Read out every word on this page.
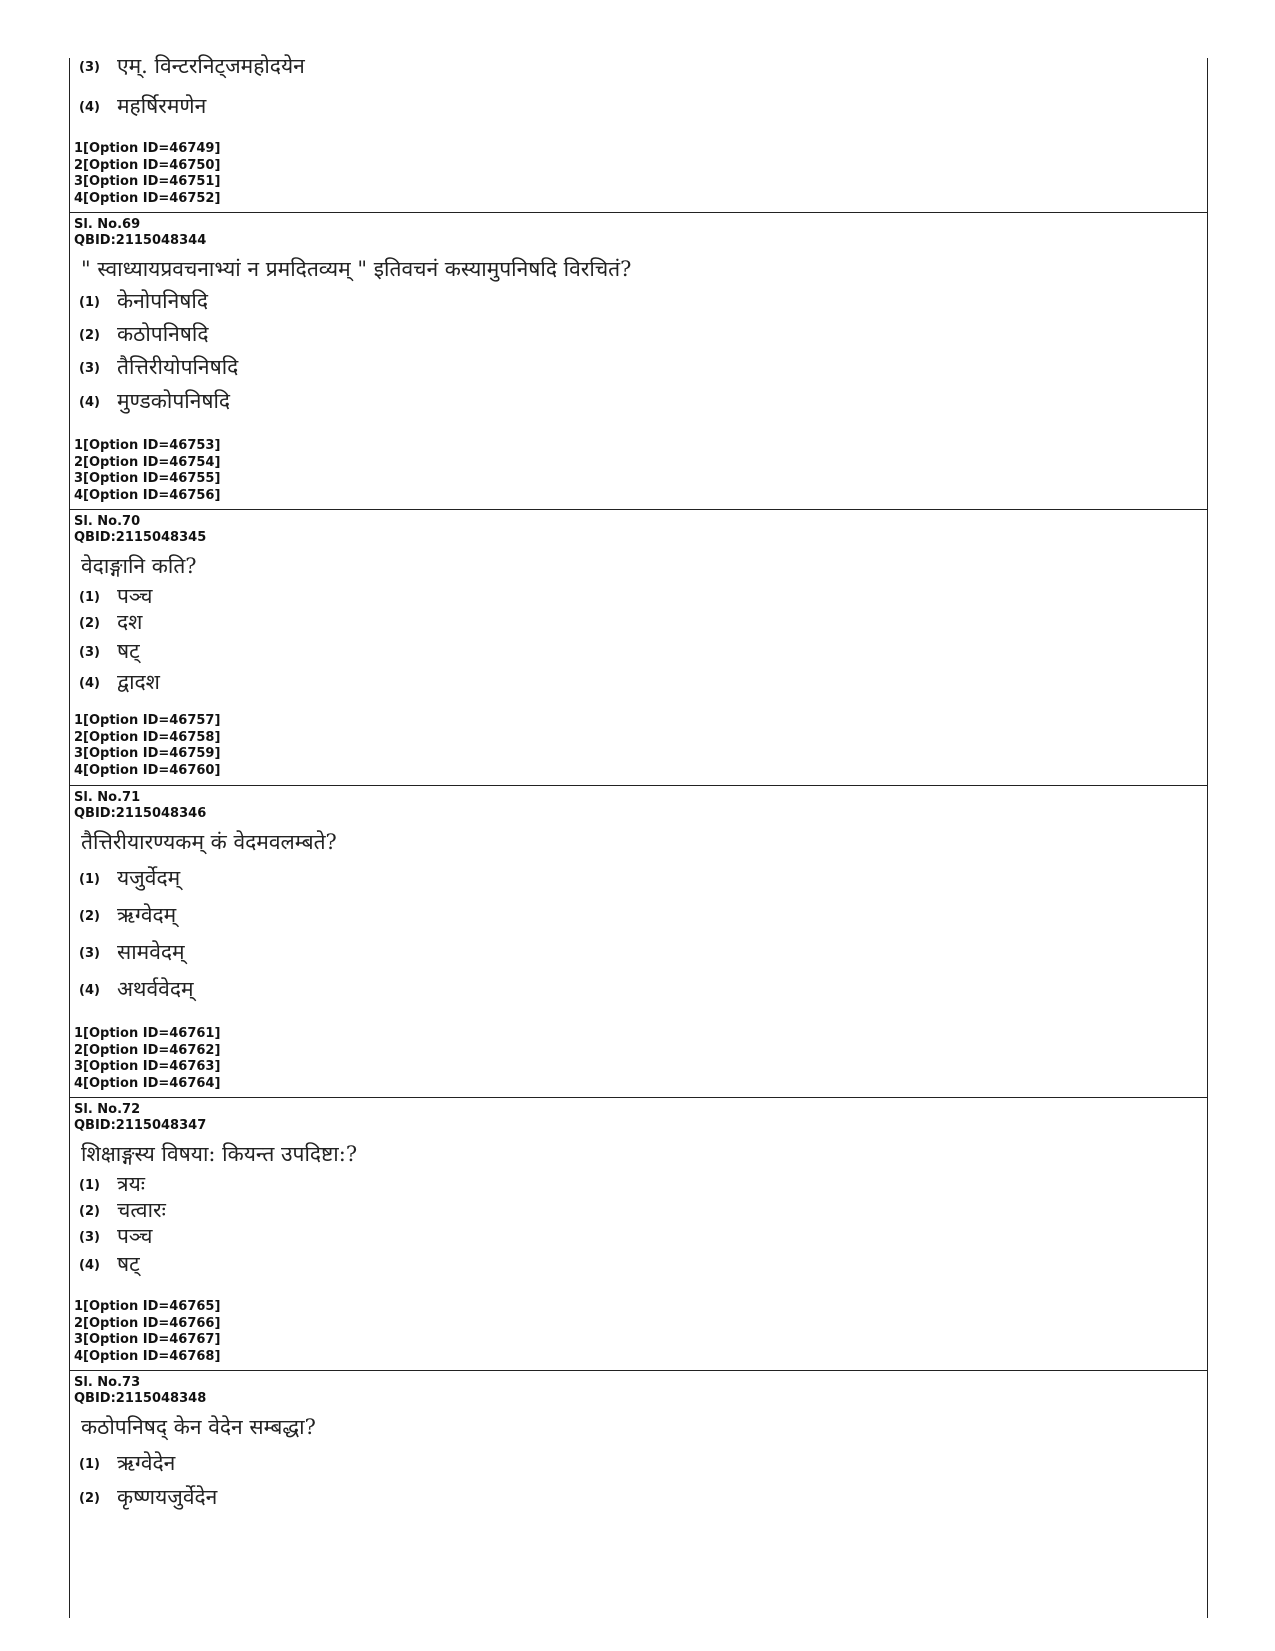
(3) एम्. विन्टरनिट्जमहोदयेन
(4) महर्षिरमणेन
1[Option ID=46749]
2[Option ID=46750]
3[Option ID=46751]
4[Option ID=46752]
Sl. No.69
QBID:2115048344
" स्वाध्यायप्रवचनाभ्यां न प्रमदितव्यम् " इतिवचनं कस्यामुपनिषदि विरचितं?
(1) केनोपनिषदि
(2) कठोपनिषदि
(3) तैत्तिरीयोपनिषदि
(4) मुण्डकोपनिषदि
1[Option ID=46753]
2[Option ID=46754]
3[Option ID=46755]
4[Option ID=46756]
Sl. No.70
QBID:2115048345
वेदाङ्गानि कति?
(1) पञ्च
(2) दश
(3) षट्
(4) द्वादश
1[Option ID=46757]
2[Option ID=46758]
3[Option ID=46759]
4[Option ID=46760]
Sl. No.71
QBID:2115048346
तैत्तिरीयारण्यकम् कं वेदमवलम्बते?
(1) यजुर्वेदम्
(2) ऋग्वेदम्
(3) सामवेदम्
(4) अथर्ववेदम्
1[Option ID=46761]
2[Option ID=46762]
3[Option ID=46763]
4[Option ID=46764]
Sl. No.72
QBID:2115048347
शिक्षाङ्गस्य विषया: कियन्त उपदिष्टा:?
(1) त्रयः
(2) चत्वारः
(3) पञ्च
(4) षट्
1[Option ID=46765]
2[Option ID=46766]
3[Option ID=46767]
4[Option ID=46768]
Sl. No.73
QBID:2115048348
कठोपनिषद् केन वेदेन सम्बद्धा?
(1) ऋग्वेदेन
(2) कृष्णयजुर्वेदेन
